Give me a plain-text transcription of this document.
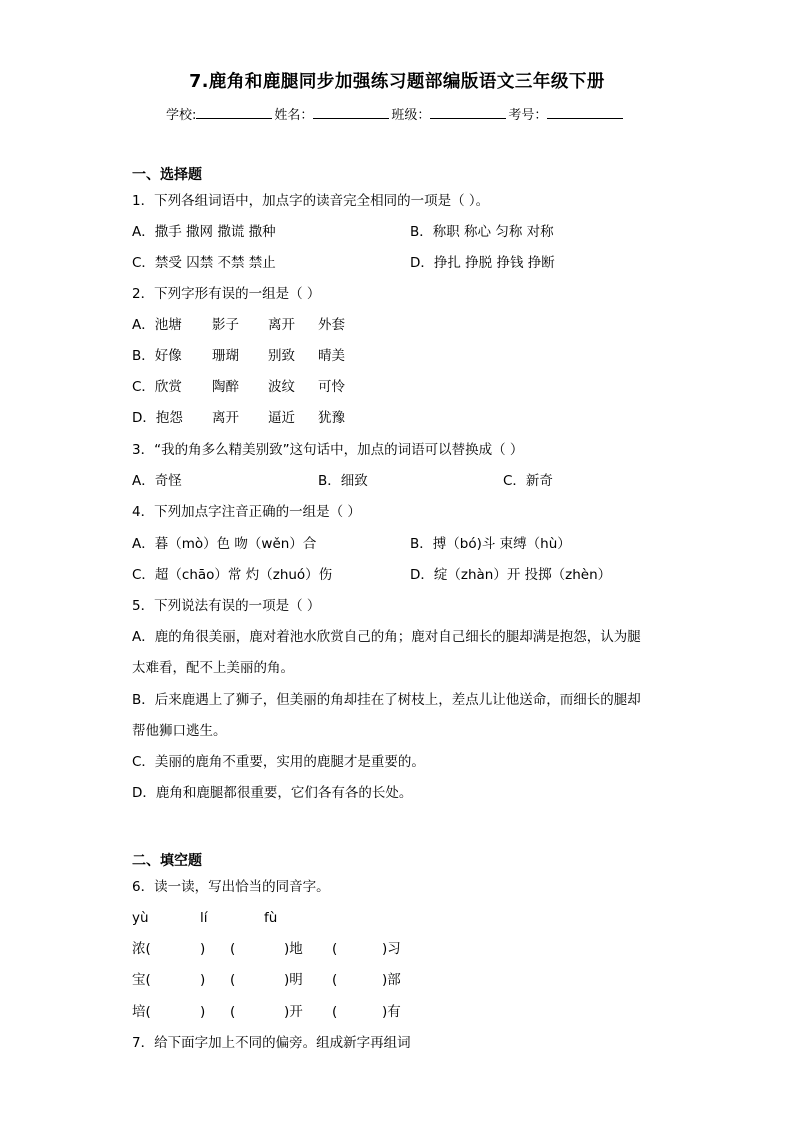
7.鹿角和鹿腿同步加强练习题部编版语文三年级下册
学校:	姓名：	班级：	考号：
一、选择题
1．下列各组词语中，加点字的读音完全相同的一项是（ ）。
A．撒手 撒网 撒谎 撒种	B．称职 称心 匀称 对称
C．禁受 囚禁 不禁 禁止	D．挣扎 挣脱 挣钱 挣断
2．下列字形有误的一组是（ ）
A．池塘 影子 离开 外套
B．好像 珊瑚 别致 晴美
C．欣赏 陶醉 波纹 可怜
D．抱怨 离开 逼近 犹豫
3．“我的角多么精美别致”这句话中，加点的词语可以替换成（ ）
A．奇怪	B．细致	C．新奇
4．下列加点字注音正确的一组是（ ）
A．暮（mò）色 吻（wěn）合	B．搏（bó)斗 束缚（hù）
C．超（chāo）常 灼（zhuó）伤	D．绽（zhàn）开 投掷（zhèn）
5．下列说法有误的一项是（ ）
A．鹿的角很美丽，鹿对着池水欣赏自己的角；鹿对自己细长的腿却满是抱怨，认为腿
太难看，配不上美丽的角。
B．后来鹿遇上了狮子，但美丽的角却挂在了树枝上，差点儿让他送命，而细长的腿却
帮他狮口逃生。
C．美丽的鹿角不重要，实用的鹿腿才是重要的。
D．鹿角和鹿腿都很重要，它们各有各的长处。
二、填空题
6．读一读，写出恰当的同音字。
yù	lí	fù
浓(	) (	)地 (	)习
宝(	) (	)明 (	)部
培(	) (	)开 (	)有
7．给下面字加上不同的偏旁。组成新字再组词
